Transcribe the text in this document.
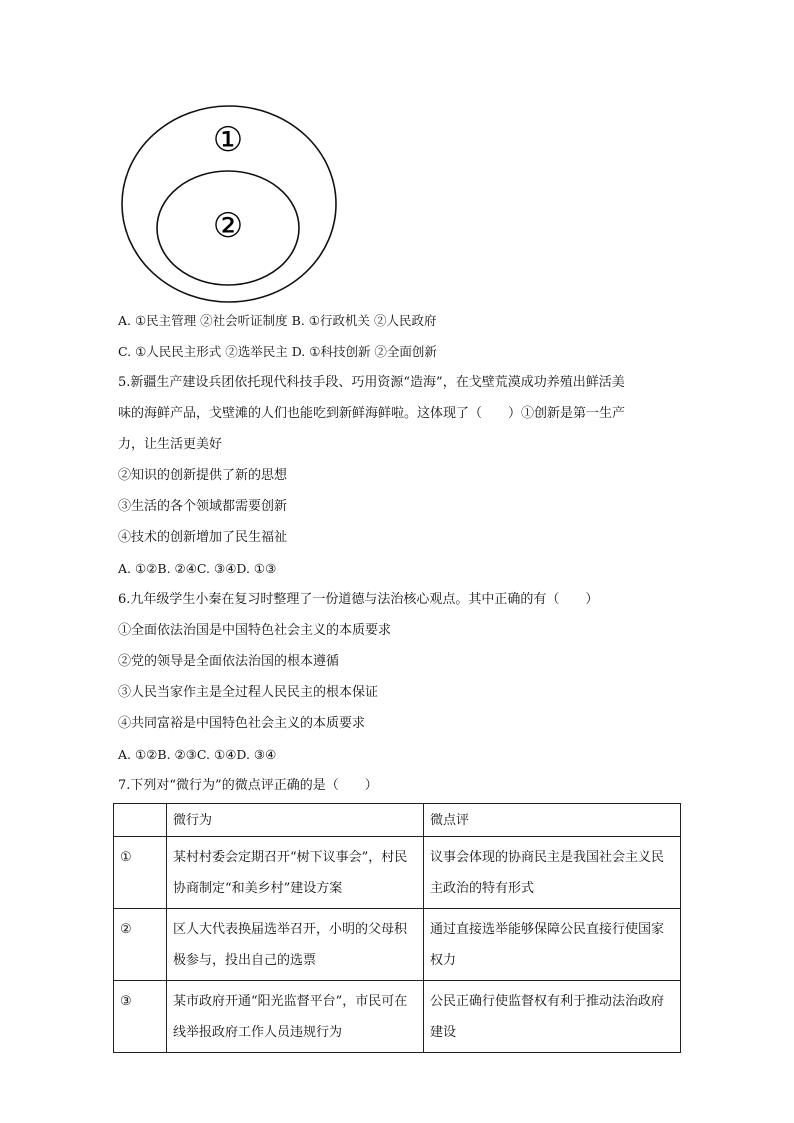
①
②
A. ①民主管理 ②社会听证制度 B. ①行政机关 ②人民政府
C. ①人民民主形式 ②选举民主 D. ①科技创新 ②全面创新
5.新疆生产建设兵团依托现代科技手段、巧用资源“造海”，在戈壁荒漠成功养殖出鲜活美
味的海鲜产品，戈壁滩的人们也能吃到新鲜海鲜啦。这体现了（　　）①创新是第一生产
力，让生活更美好
②知识的创新提供了新的思想
③生活的各个领域都需要创新
④技术的创新增加了民生福祉
A. ①②B. ②④C. ③④D. ①③
6.九年级学生小秦在复习时整理了一份道德与法治核心观点。其中正确的有（　　）
①全面依法治国是中国特色社会主义的本质要求
②党的领导是全面依法治国的根本遵循
③人民当家作主是全过程人民民主的根本保证
④共同富裕是中国特色社会主义的本质要求
A. ①②B. ②③C. ①④D. ③④
7.下列对“微行为”的微点评正确的是（　　）
	微行为	微点评
①	某村村委会定期召开“树下议事会”，村民协商制定“和美乡村”建设方案	议事会体现的协商民主是我国社会主义民主政治的特有形式
②	区人大代表换届选举召开，小明的父母积极参与，投出自己的选票	通过直接选举能够保障公民直接行使国家权力
③	某市政府开通“阳光监督平台”，市民可在线举报政府工作人员违规行为	公民正确行使监督权有利于推动法治政府建设
